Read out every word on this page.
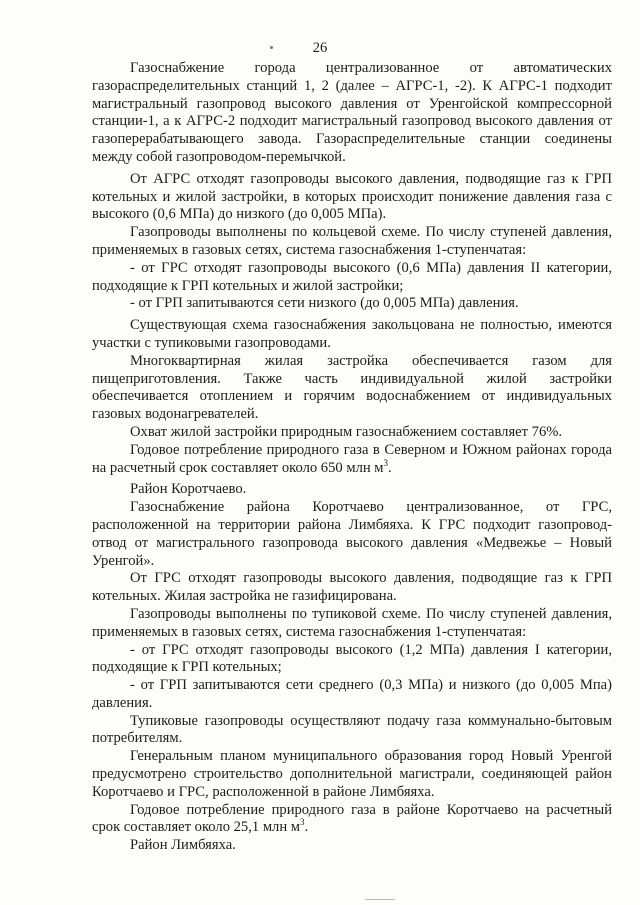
26

Газоснабжение города централизованное от автоматических газораспределительных станций 1, 2 (далее – АГРС-1, -2). К АГРС-1 подходит магистральный газопровод высокого давления от Уренгойской компрессорной станции-1, а к АГРС-2 подходит магистральный газопровод высокого давления от газоперерабатывающего завода. Газораспределительные станции соединены между собой газопроводом-перемычкой.

От АГРС отходят газопроводы высокого давления, подводящие газ к ГРП котельных и жилой застройки, в которых происходит понижение давления газа с высокого (0,6 МПа) до низкого (до 0,005 МПа).

Газопроводы выполнены по кольцевой схеме. По числу ступеней давления, применяемых в газовых сетях, система газоснабжения 1-ступенчатая:

- от ГРС отходят газопроводы высокого (0,6 МПа) давления II категории, подходящие к ГРП котельных и жилой застройки;

- от ГРП запитываются сети низкого (до 0,005 МПа) давления.

Существующая схема газоснабжения закольцована не полностью, имеются участки с тупиковыми газопроводами.

Многоквартирная жилая застройка обеспечивается газом для пищеприготовления. Также часть индивидуальной жилой застройки обеспечивается отоплением и горячим водоснабжением от индивидуальных газовых водонагревателей.

Охват жилой застройки природным газоснабжением составляет 76%.

Годовое потребление природного газа в Северном и Южном районах города на расчетный срок составляет около 650 млн $м^3$.

Район Коротчаево.

Газоснабжение района Коротчаево централизованное, от ГРС, расположенной на территории района Лимбяяха. К ГРС подходит газопровод-отвод от магистрального газопровода высокого давления «Медвежье – Новый Уренгой».

От ГРС отходят газопроводы высокого давления, подводящие газ к ГРП котельных. Жилая застройка не газифицирована.

Газопроводы выполнены по тупиковой схеме. По числу ступеней давления, применяемых в газовых сетях, система газоснабжения 1-ступенчатая:

- от ГРС отходят газопроводы высокого (1,2 МПа) давления I категории, подходящие к ГРП котельных;

- от ГРП запитываются сети среднего (0,3 МПа) и низкого (до 0,005 Мпа) давления.

Тупиковые газопроводы осуществляют подачу газа коммунально-бытовым потребителям.

Генеральным планом муниципального образования город Новый Уренгой предусмотрено строительство дополнительной магистрали, соединяющей район Коротчаево и ГРС, расположенной в районе Лимбяяха.

Годовое потребление природного газа в районе Коротчаево на расчетный срок составляет около 25,1 млн $м^3$.

Район Лимбяяха.
